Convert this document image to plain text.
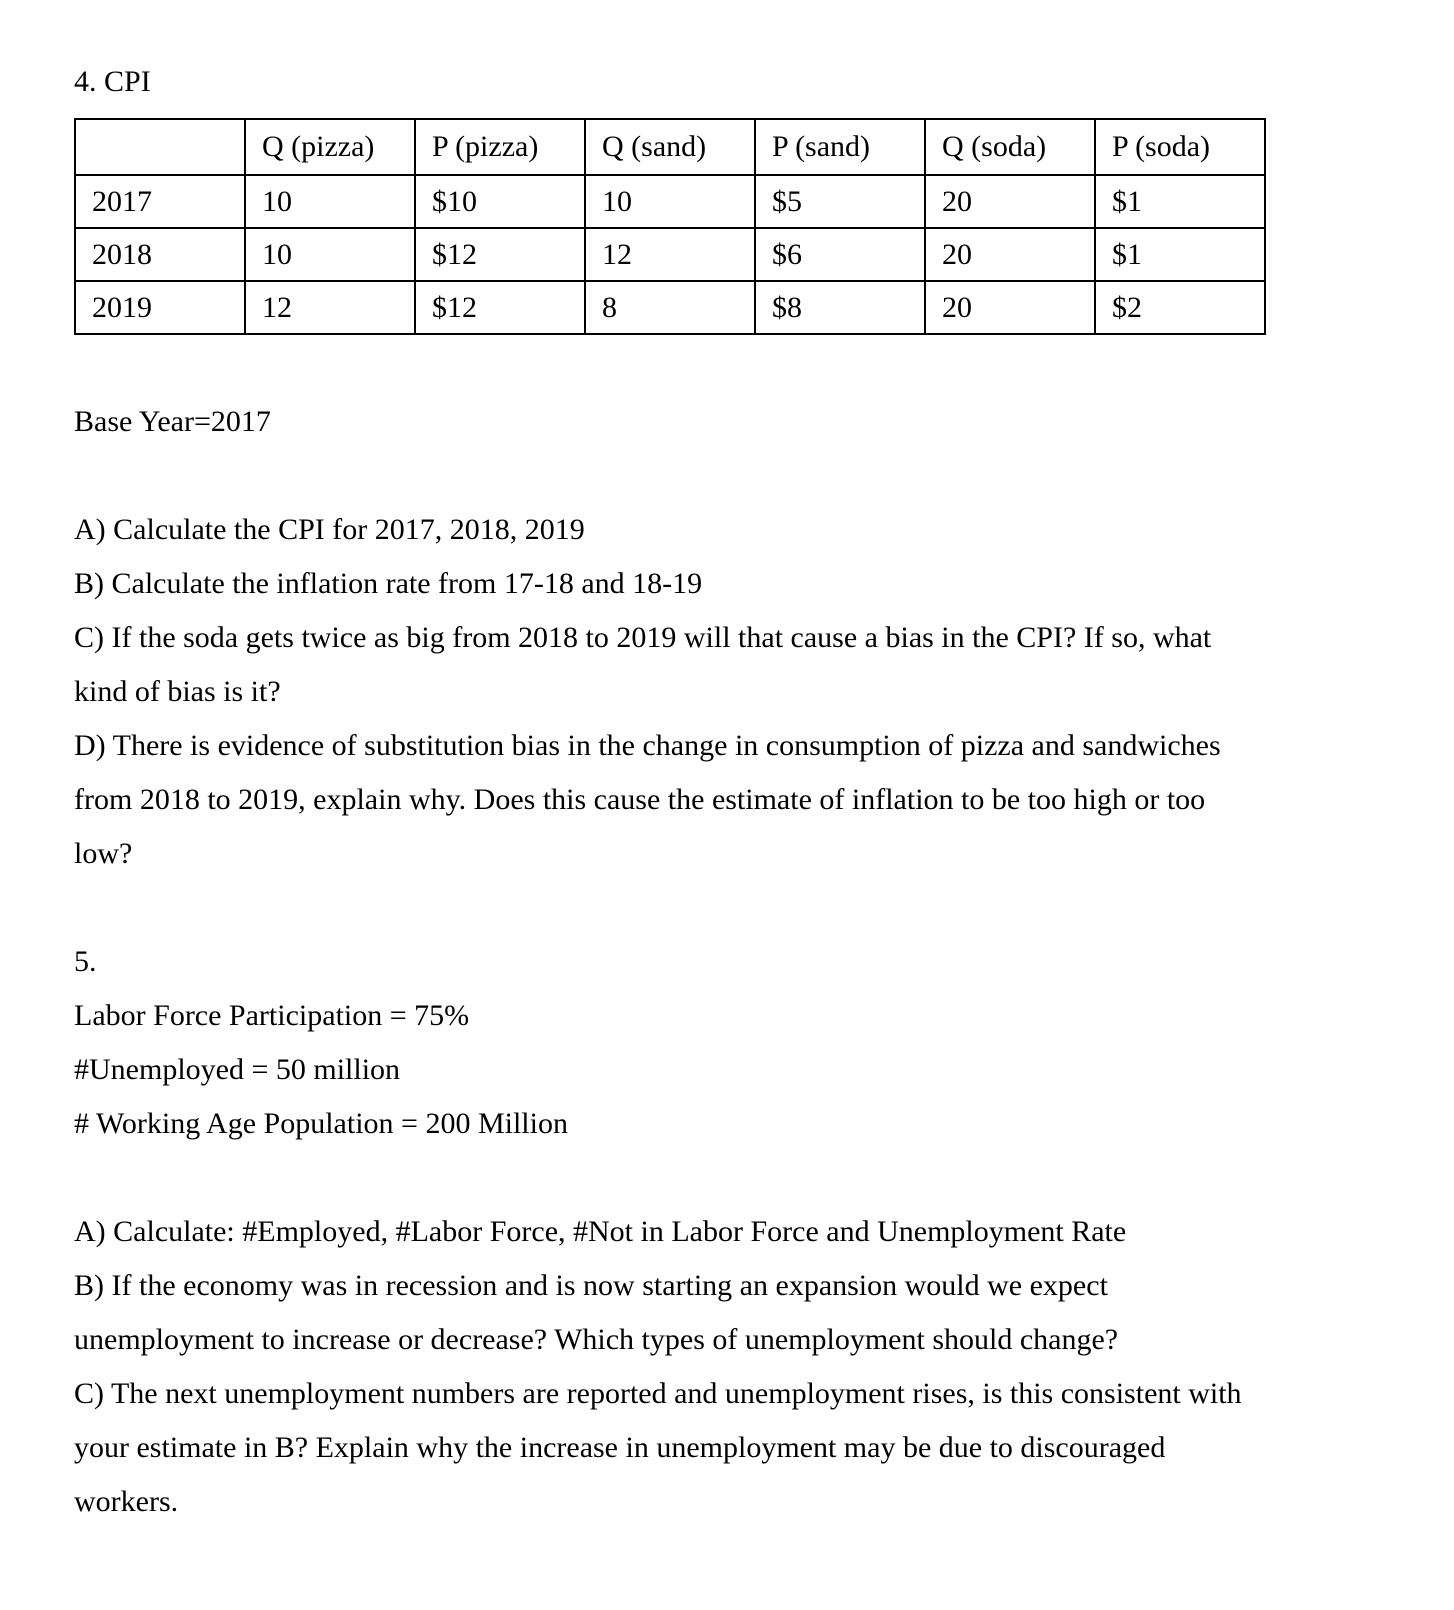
4. CPI
	Q (pizza)	P (pizza)	Q (sand)	P (sand)	Q (soda)	P (soda)
2017	10	$10	10	$5	20	$1
2018	10	$12	12	$6	20	$1
2019	12	$12	8	$8	20	$2
Base Year=2017
A) Calculate the CPI for 2017, 2018, 2019
B) Calculate the inflation rate from 17-18 and 18-19
C) If the soda gets twice as big from 2018 to 2019 will that cause a bias in the CPI? If so, what
kind of bias is it?
D) There is evidence of substitution bias in the change in consumption of pizza and sandwiches
from 2018 to 2019, explain why. Does this cause the estimate of inflation to be too high or too
low?
5.
Labor Force Participation = 75%
#Unemployed = 50 million
# Working Age Population = 200 Million
A) Calculate: #Employed, #Labor Force, #Not in Labor Force and Unemployment Rate
B) If the economy was in recession and is now starting an expansion would we expect
unemployment to increase or decrease? Which types of unemployment should change?
C) The next unemployment numbers are reported and unemployment rises, is this consistent with
your estimate in B? Explain why the increase in unemployment may be due to discouraged
workers.
